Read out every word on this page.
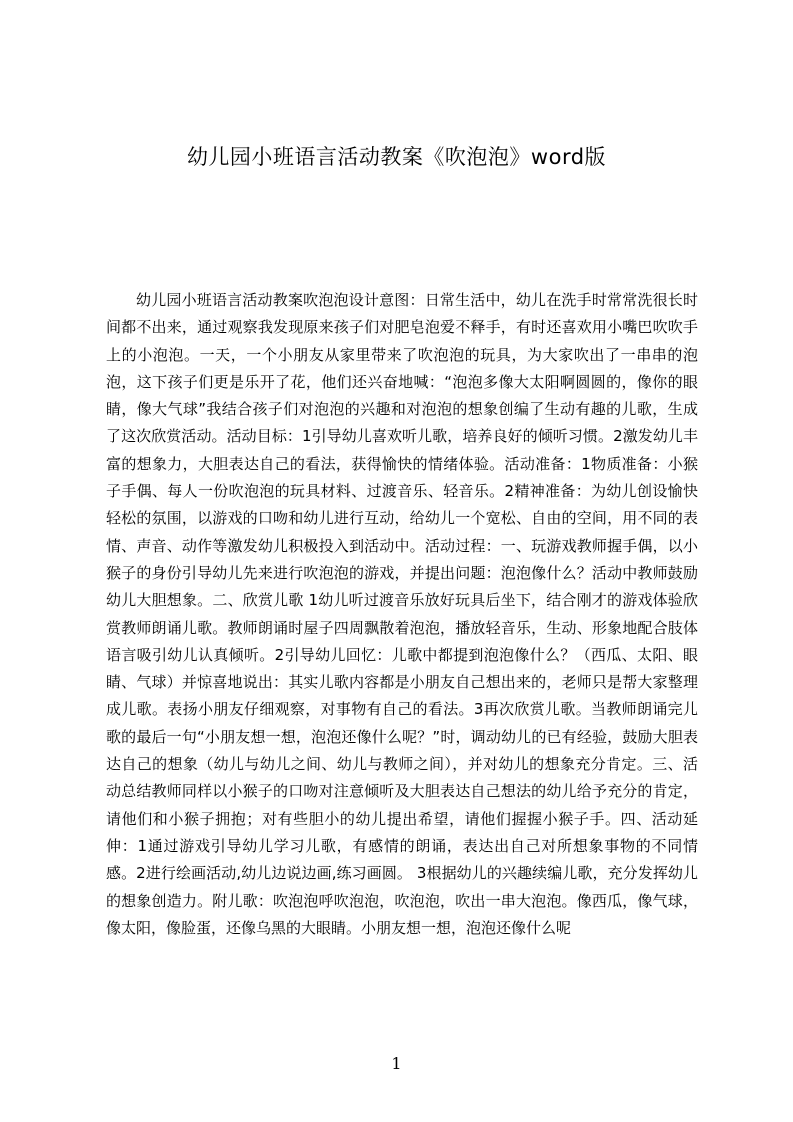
幼儿园小班语言活动教案《吹泡泡》word版

幼儿园小班语言活动教案吹泡泡设计意图：日常生活中，幼儿在洗手时常常洗很长时间都不出来，通过观察我发现原来孩子们对肥皂泡爱不释手，有时还喜欢用小嘴巴吹吹手上的小泡泡。一天，一个小朋友从家里带来了吹泡泡的玩具，为大家吹出了一串串的泡泡，这下孩子们更是乐开了花，他们还兴奋地喊：“泡泡多像大太阳啊圆圆的，像你的眼睛，像大气球”我结合孩子们对泡泡的兴趣和对泡泡的想象创编了生动有趣的儿歌，生成了这次欣赏活动。活动目标：1引导幼儿喜欢听儿歌，培养良好的倾听习惯。2激发幼儿丰富的想象力，大胆表达自己的看法，获得愉快的情绪体验。活动准备：1物质准备：小猴子手偶、每人一份吹泡泡的玩具材料、过渡音乐、轻音乐。2精神准备：为幼儿创设愉快轻松的氛围，以游戏的口吻和幼儿进行互动，给幼儿一个宽松、自由的空间，用不同的表情、声音、动作等激发幼儿积极投入到活动中。活动过程：一、玩游戏教师握手偶，以小猴子的身份引导幼儿先来进行吹泡泡的游戏，并提出问题：泡泡像什么？活动中教师鼓励幼儿大胆想象。二、欣赏儿歌 1幼儿听过渡音乐放好玩具后坐下，结合刚才的游戏体验欣赏教师朗诵儿歌。教师朗诵时屋子四周飘散着泡泡，播放轻音乐，生动、形象地配合肢体语言吸引幼儿认真倾听。2引导幼儿回忆：儿歌中都提到泡泡像什么？（西瓜、太阳、眼睛、气球）并惊喜地说出：其实儿歌内容都是小朋友自己想出来的，老师只是帮大家整理成儿歌。表扬小朋友仔细观察，对事物有自己的看法。3再次欣赏儿歌。当教师朗诵完儿歌的最后一句“小朋友想一想，泡泡还像什么呢？”时，调动幼儿的已有经验，鼓励大胆表达自己的想象（幼儿与幼儿之间、幼儿与教师之间），并对幼儿的想象充分肯定。三、活动总结教师同样以小猴子的口吻对注意倾听及大胆表达自己想法的幼儿给予充分的肯定，请他们和小猴子拥抱；对有些胆小的幼儿提出希望，请他们握握小猴子手。四、活动延伸：1通过游戏引导幼儿学习儿歌，有感情的朗诵，表达出自己对所想象事物的不同情感。2进行绘画活动,幼儿边说边画,练习画圆。 3根据幼儿的兴趣续编儿歌，充分发挥幼儿的想象创造力。附儿歌：吹泡泡呼吹泡泡，吹泡泡，吹出一串大泡泡。像西瓜，像气球，像太阳，像脸蛋，还像乌黑的大眼睛。小朋友想一想，泡泡还像什么呢

1
